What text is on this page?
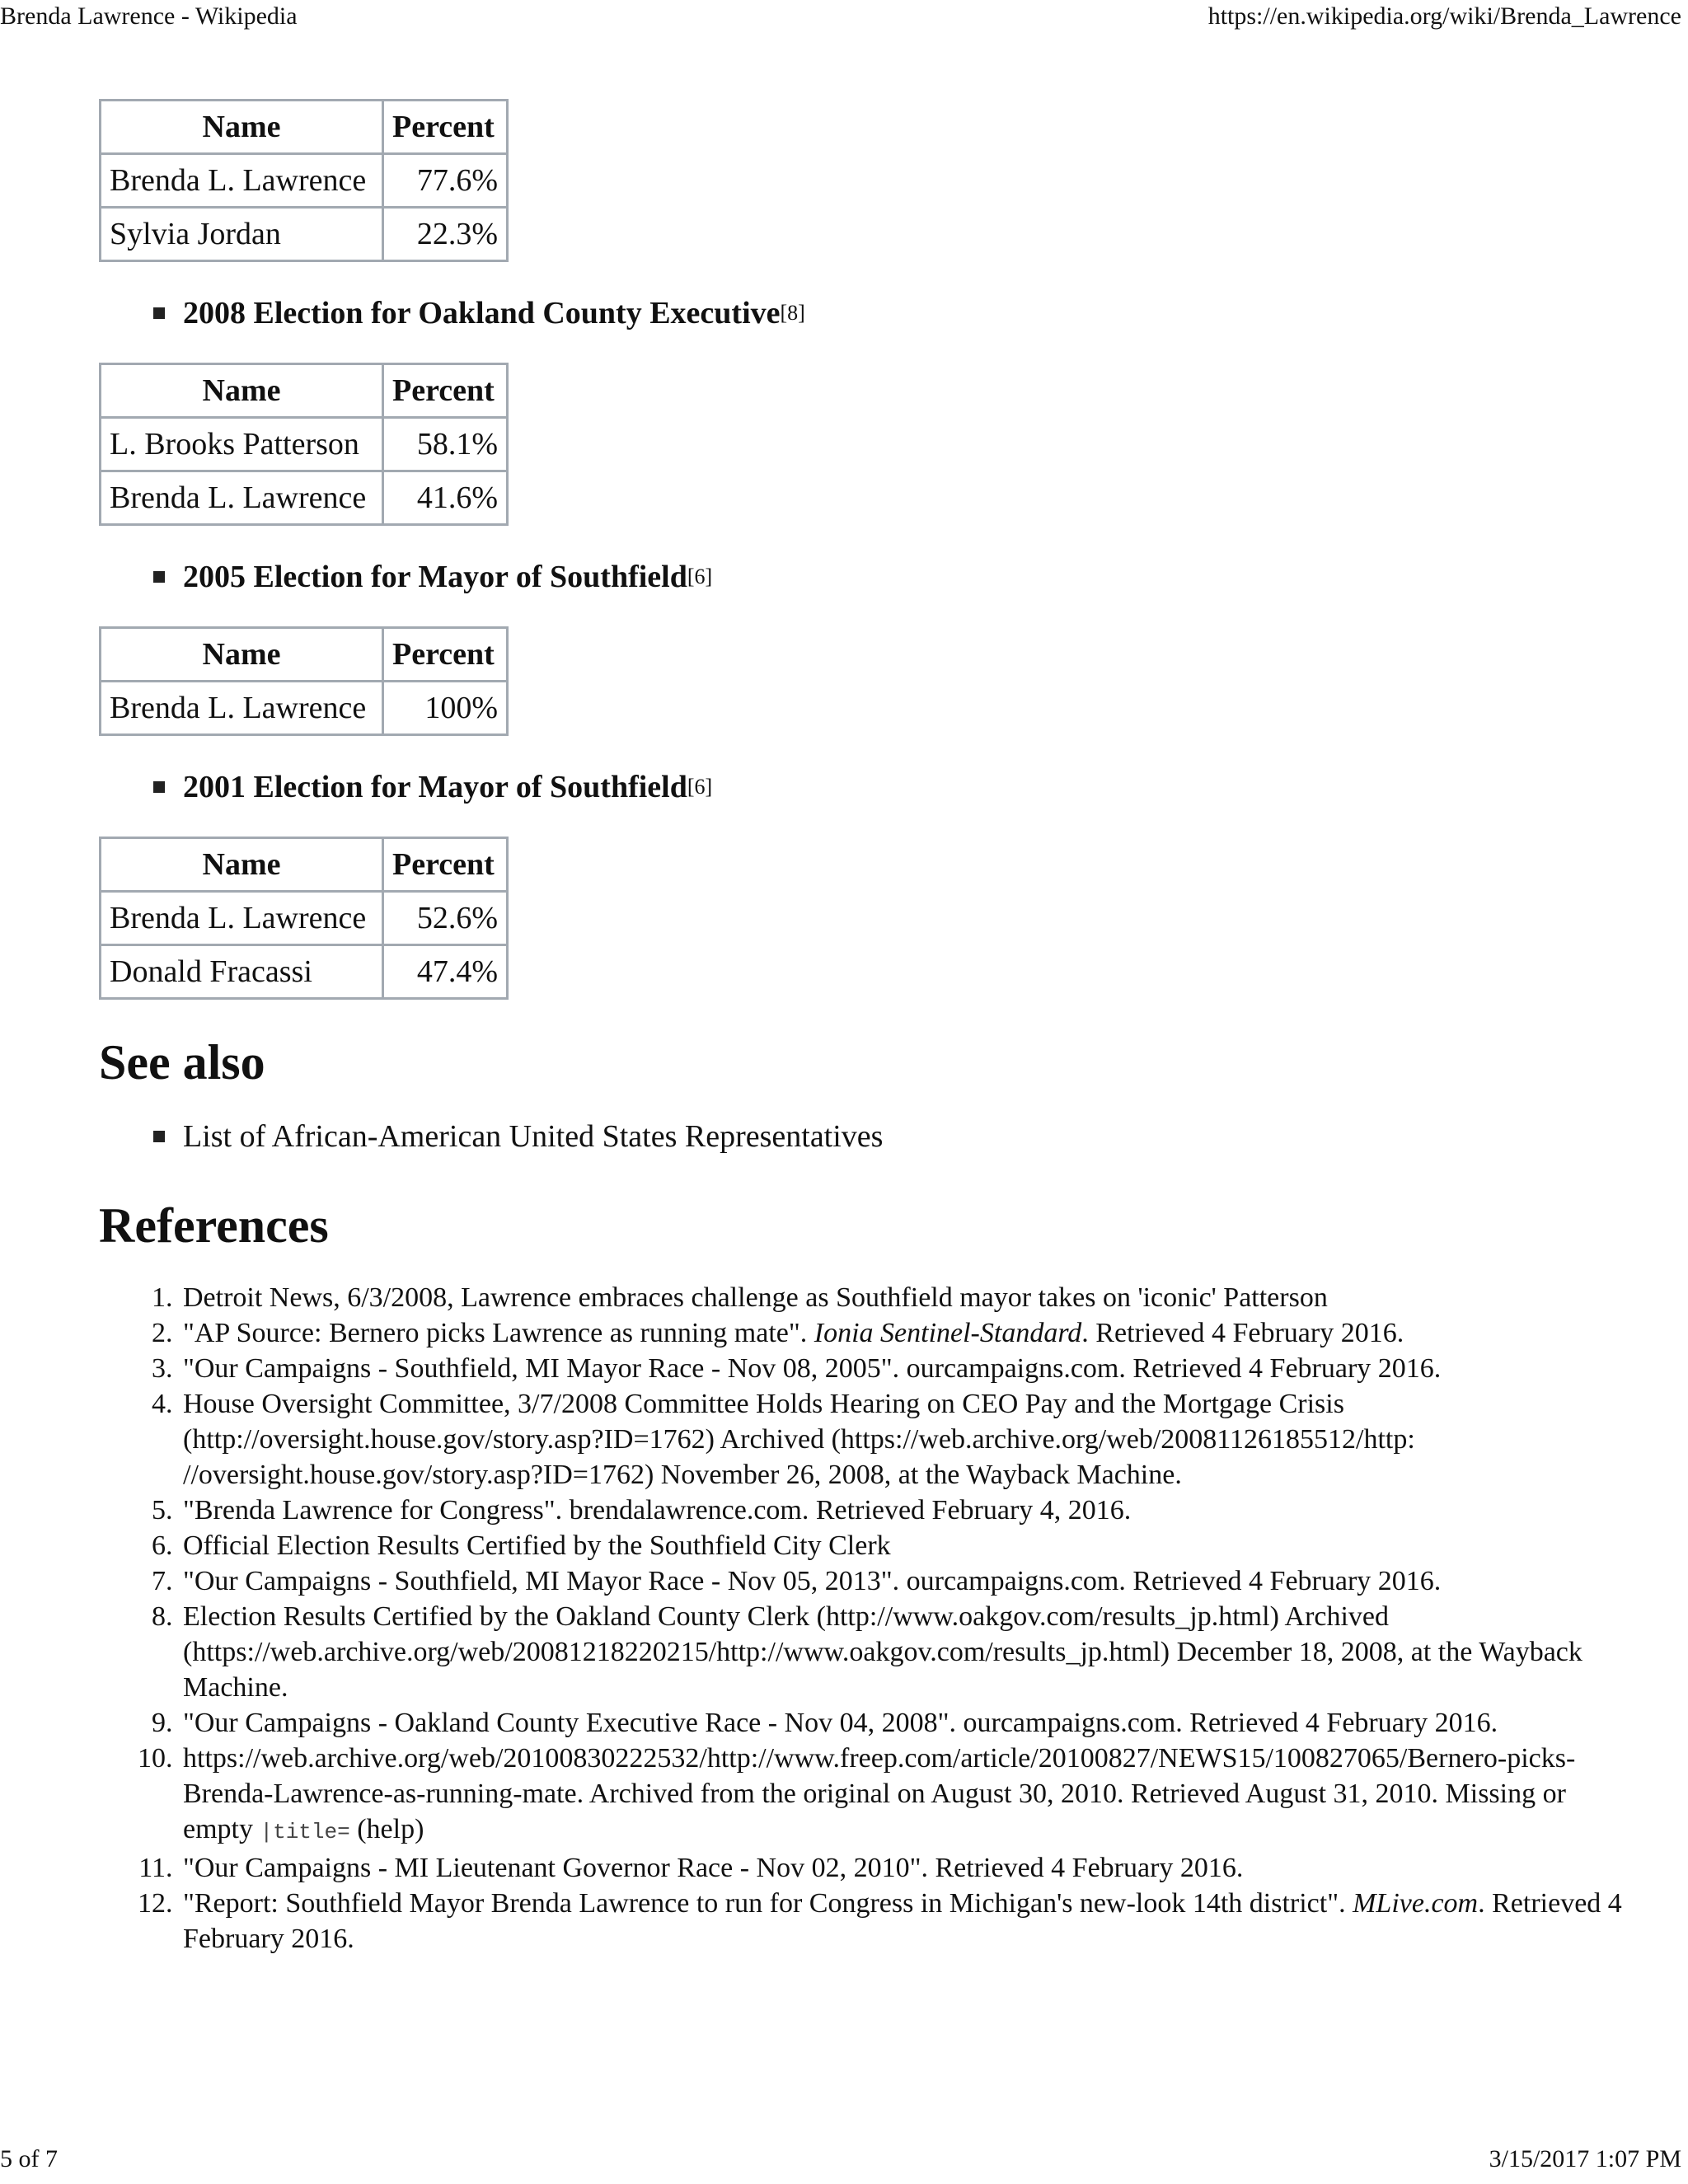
Brenda Lawrence - Wikipedia	https://en.wikipedia.org/wiki/Brenda_Lawrence
Name	Percent
Brenda L. Lawrence	77.6%
Sylvia Jordan	22.3%
2008 Election for Oakland County Executive [8]
Name	Percent
L. Brooks Patterson	58.1%
Brenda L. Lawrence	41.6%
2005 Election for Mayor of Southfield [6]
Name	Percent
Brenda L. Lawrence	100%
2001 Election for Mayor of Southfield [6]
Name	Percent
Brenda L. Lawrence	52.6%
Donald Fracassi	47.4%
See also
List of African-American United States Representatives
References
1. Detroit News, 6/3/2008, Lawrence embraces challenge as Southfield mayor takes on 'iconic' Patterson
2. "AP Source: Bernero picks Lawrence as running mate". Ionia Sentinel-Standard. Retrieved 4 February 2016.
3. "Our Campaigns - Southfield, MI Mayor Race - Nov 08, 2005". ourcampaigns.com. Retrieved 4 February 2016.
4. House Oversight Committee, 3/7/2008 Committee Holds Hearing on CEO Pay and the Mortgage Crisis (http://oversight.house.gov/story.asp?ID=1762) Archived (https://web.archive.org/web/20081126185512/http: //oversight.house.gov/story.asp?ID=1762) November 26, 2008, at the Wayback Machine.
5. "Brenda Lawrence for Congress". brendalawrence.com. Retrieved February 4, 2016.
6. Official Election Results Certified by the Southfield City Clerk
7. "Our Campaigns - Southfield, MI Mayor Race - Nov 05, 2013". ourcampaigns.com. Retrieved 4 February 2016.
8. Election Results Certified by the Oakland County Clerk (http://www.oakgov.com/results_jp.html) Archived (https://web.archive.org/web/20081218220215/http://www.oakgov.com/results_jp.html) December 18, 2008, at the Wayback Machine.
9. "Our Campaigns - Oakland County Executive Race - Nov 04, 2008". ourcampaigns.com. Retrieved 4 February 2016.
10. https://web.archive.org/web/20100830222532/http://www.freep.com/article/20100827/NEWS15/100827065/Bernero-picks-Brenda-Lawrence-as-running-mate. Archived from the original on August 30, 2010. Retrieved August 31, 2010. Missing or empty |title= (help)
11. "Our Campaigns - MI Lieutenant Governor Race - Nov 02, 2010". Retrieved 4 February 2016.
12. "Report: Southfield Mayor Brenda Lawrence to run for Congress in Michigan's new-look 14th district". MLive.com. Retrieved 4 February 2016.
5 of 7	3/15/2017 1:07 PM
